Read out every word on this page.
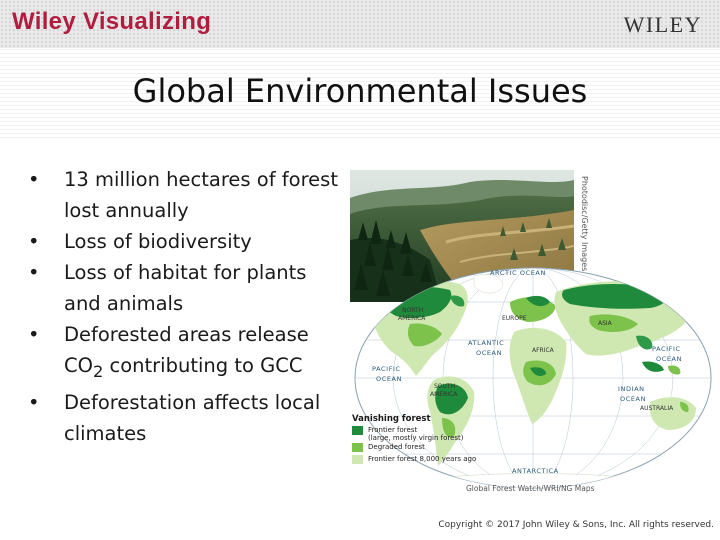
Wiley Visualizing	WILEY
Global Environmental Issues
• 13 million hectares of forest lost annually
• Loss of biodiversity
• Loss of habitat for plants and animals
• Deforested areas release $CO_2$ contributing to GCC
• Deforestation affects local climates
Photodisc/Getty Images
ARCTIC OCEAN
ATLANTIC
OCEAN
PACIFIC
OCEAN
PACIFIC
OCEAN
INDIAN
OCEAN
ANTARCTICA
NORTH
AMERICA
SOUTH
AMERICA
EUROPE
ASIA
AFRICA
AUSTRALIA
Vanishing forest
Frontier forest
(large, mostly virgin forest)
Degraded forest
Frontier forest 8,000 years ago
Global Forest Watch/WRI/NG Maps
Copyright © 2017 John Wiley & Sons, Inc. All rights reserved.
